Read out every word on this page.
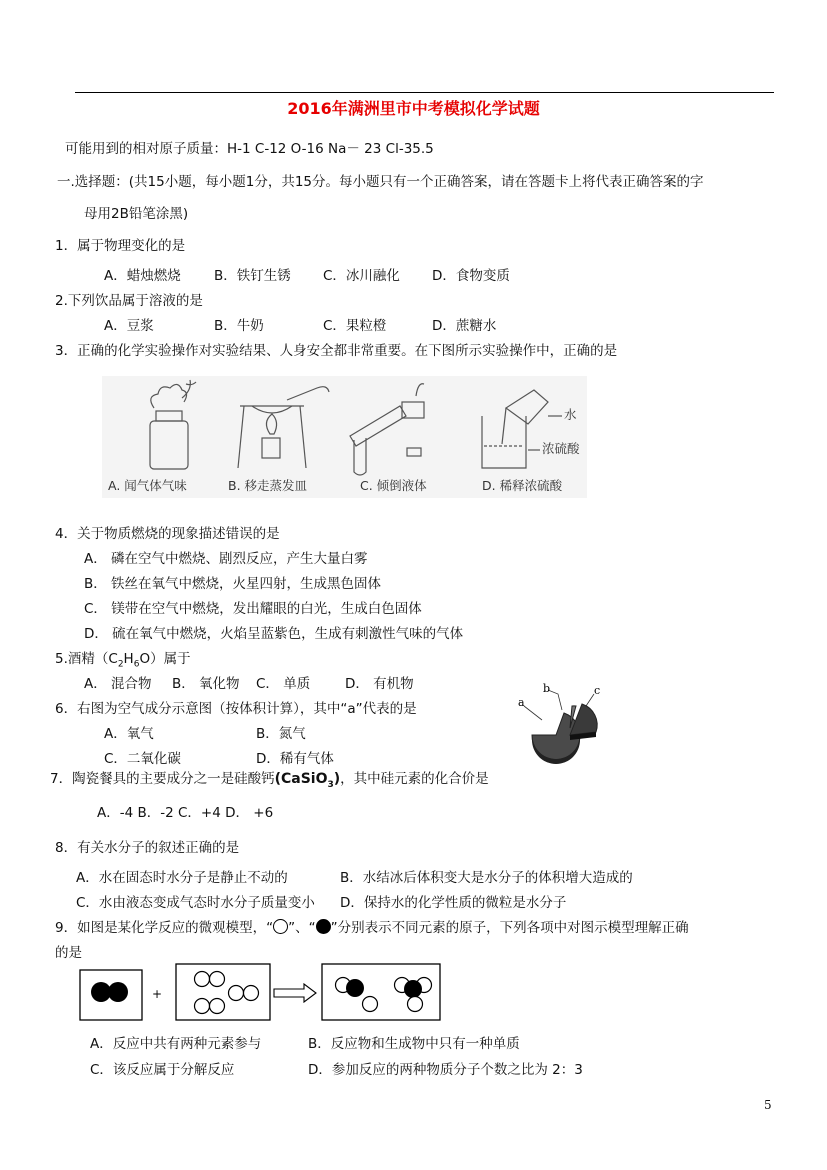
2016年满洲里市中考模拟化学试题
可能用到的相对原子质量：H-1 C-12 O-16 Na－ 23 Cl-35.5
一.选择题：(共15小题，每小题1分，共15分。每小题只有一个正确答案，请在答题卡上将代表正确答案的字
母用2B铅笔涂黑)
1．属于物理变化的是
A．蜡烛燃烧 B．铁钉生锈 C．冰川融化 D．食物变质
2.下列饮品属于溶液的是
A．豆浆	B．牛奶	C．果粒橙	D．蔗糖水
3．正确的化学实验操作对实验结果、人身安全都非常重要。在下图所示实验操作中，正确的是
水
浓硫酸
A. 闻气体气味	B. 移走蒸发皿	C. 倾倒液体	D. 稀释浓硫酸
4．关于物质燃烧的现象描述错误的是
A． 磷在空气中燃烧、剧烈反应，产生大量白雾
B． 铁丝在氧气中燃烧，火星四射，生成黑色固体
C． 镁带在空气中燃烧，发出耀眼的白光，生成白色固体
D． 硫在氧气中燃烧，火焰呈蓝紫色，生成有刺激性气味的气体
5.酒精$(C_2H_6O)$属于
A． 混合物 B． 氧化物 C． 单质	D． 有机物
6．右图为空气成分示意图（按体积计算），其中“a”代表的是
A．氧气	B．氮气
C．二氧化碳	D．稀有气体
a
b	c
7．陶瓷餐具的主要成分之一是硅酸钙(CaSiO$_3$)，其中硅元素的化合价是
A．-4 B．-2 C．+4 D． +6
8．有关水分子的叙述正确的是
A．水在固态时水分子是静止不动的	B．水结冰后体积变大是水分子的体积增大造成的
C．水由液态变成气态时水分子质量变小 D．保持水的化学性质的微粒是水分子
9．如图是某化学反应的微观模型，“ ”、“ ”分别表示不同元素的原子，下列各项中对图示模型理解正确
的是
+
A．反应中共有两种元素参与	B．反应物和生成物中只有一种单质
C．该反应属于分解反应	D．参加反应的两种物质分子个数之比为 2：3
5
